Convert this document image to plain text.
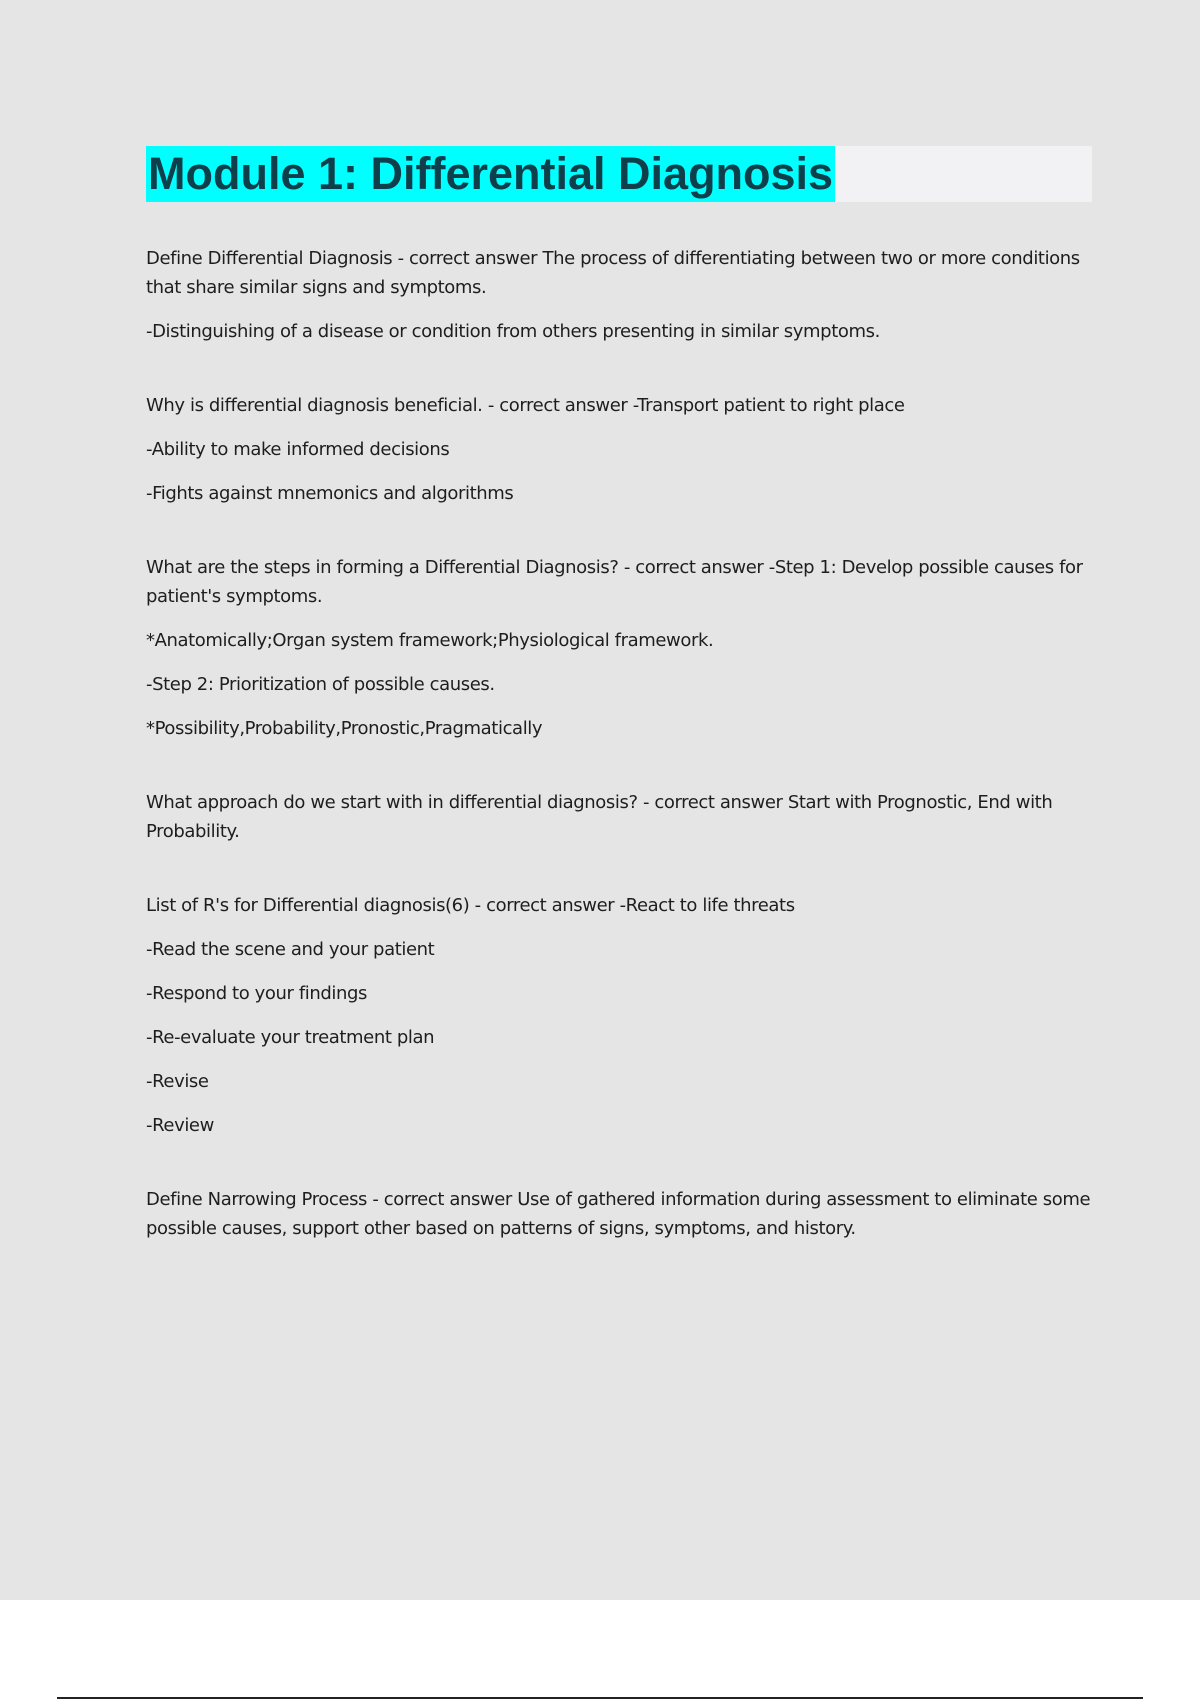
Module 1: Differential Diagnosis

Define Differential Diagnosis - correct answer The process of differentiating between two or more conditions that share similar signs and symptoms.

-Distinguishing of a disease or condition from others presenting in similar symptoms.

Why is differential diagnosis beneficial. - correct answer -Transport patient to right place

-Ability to make informed decisions

-Fights against mnemonics and algorithms

What are the steps in forming a Differential Diagnosis? - correct answer -Step 1: Develop possible causes for patient's symptoms.

*Anatomically;Organ system framework;Physiological framework.

-Step 2: Prioritization of possible causes.

*Possibility,Probability,Pronostic,Pragmatically

What approach do we start with in differential diagnosis? - correct answer Start with Prognostic, End with Probability.

List of R's for Differential diagnosis(6) - correct answer -React to life threats

-Read the scene and your patient

-Respond to your findings

-Re-evaluate your treatment plan

-Revise

-Review

Define Narrowing Process - correct answer Use of gathered information during assessment to eliminate some possible causes, support other based on patterns of signs, symptoms, and history.
